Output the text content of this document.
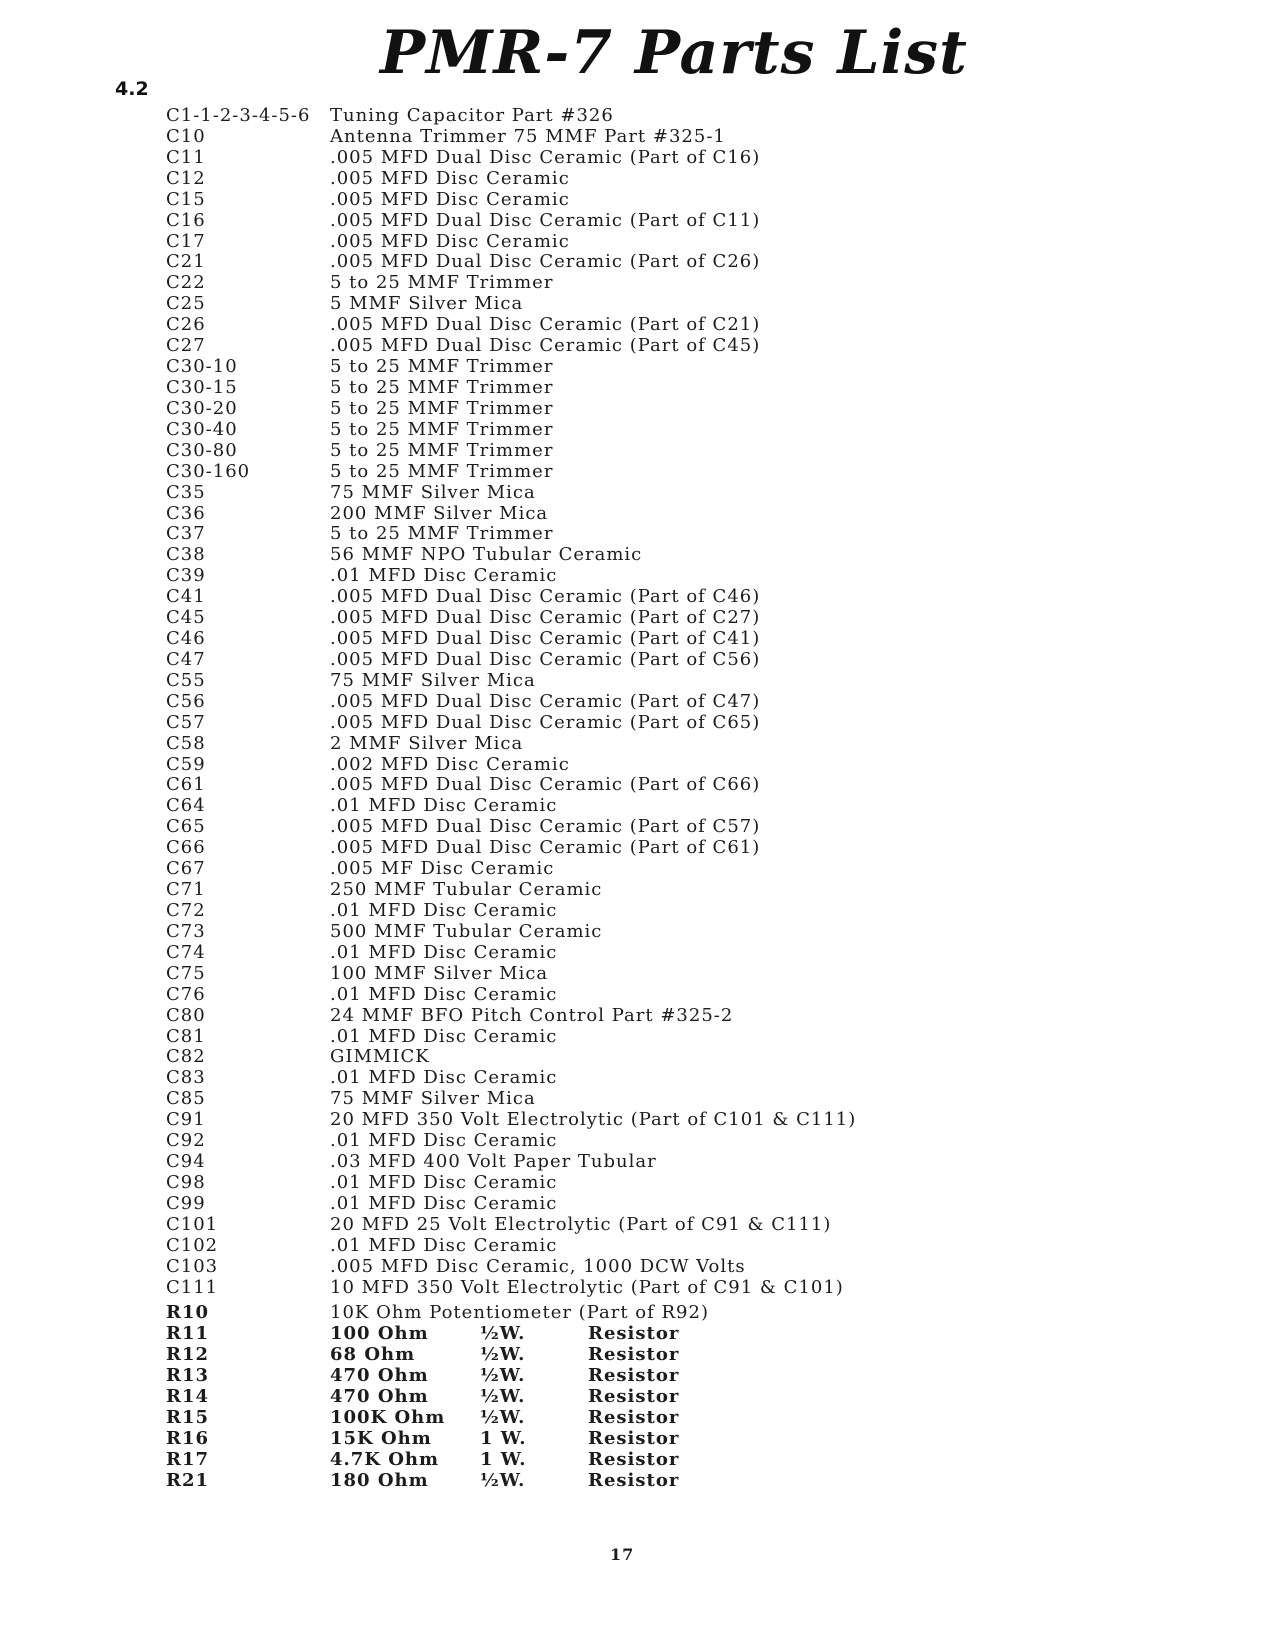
PMR-7 Parts List
4.2
C1-1-2-3-4-5-6 Tuning Capacitor Part #326
C10	Antenna Trimmer 75 MMF Part #325-1
C11	.005 MFD Dual Disc Ceramic (Part of C16)
C12	.005 MFD Disc Ceramic
C15	.005 MFD Disc Ceramic
C16	.005 MFD Dual Disc Ceramic (Part of C11)
C17	.005 MFD Disc Ceramic
C21	.005 MFD Dual Disc Ceramic (Part of C26)
C22	5 to 25 MMF Trimmer
C25	5 MMF Silver Mica
C26	.005 MFD Dual Disc Ceramic (Part of C21)
C27	.005 MFD Dual Disc Ceramic (Part of C45)
C30-10	5 to 25 MMF Trimmer
C30-15	5 to 25 MMF Trimmer
C30-20	5 to 25 MMF Trimmer
C30-40	5 to 25 MMF Trimmer
C30-80	5 to 25 MMF Trimmer
C30-160	5 to 25 MMF Trimmer
C35	75 MMF Silver Mica
C36	200 MMF Silver Mica
C37	5 to 25 MMF Trimmer
C38	56 MMF NPO Tubular Ceramic
C39	.01 MFD Disc Ceramic
C41	.005 MFD Dual Disc Ceramic (Part of C46)
C45	.005 MFD Dual Disc Ceramic (Part of C27)
C46	.005 MFD Dual Disc Ceramic (Part of C41)
C47	.005 MFD Dual Disc Ceramic (Part of C56)
C55	75 MMF Silver Mica
C56	.005 MFD Dual Disc Ceramic (Part of C47)
C57	.005 MFD Dual Disc Ceramic (Part of C65)
C58	2 MMF Silver Mica
C59	.002 MFD Disc Ceramic
C61	.005 MFD Dual Disc Ceramic (Part of C66)
C64	.01 MFD Disc Ceramic
C65	.005 MFD Dual Disc Ceramic (Part of C57)
C66	.005 MFD Dual Disc Ceramic (Part of C61)
C67	.005 MF Disc Ceramic
C71	250 MMF Tubular Ceramic
C72	.01 MFD Disc Ceramic
C73	500 MMF Tubular Ceramic
C74	.01 MFD Disc Ceramic
C75	100 MMF Silver Mica
C76	.01 MFD Disc Ceramic
C80	24 MMF BFO Pitch Control Part #325-2
C81	.01 MFD Disc Ceramic
C82	GIMMICK
C83	.01 MFD Disc Ceramic
C85	75 MMF Silver Mica
C91	20 MFD 350 Volt Electrolytic (Part of C101 & C111)
C92	.01 MFD Disc Ceramic
C94	.03 MFD 400 Volt Paper Tubular
C98	.01 MFD Disc Ceramic
C99	.01 MFD Disc Ceramic
C101	20 MFD 25 Volt Electrolytic (Part of C91 & C111)
C102	.01 MFD Disc Ceramic
C103	.005 MFD Disc Ceramic, 1000 DCW Volts
C111	10 MFD 350 Volt Electrolytic (Part of C91 & C101)
R10	10K Ohm Potentiometer (Part of R92)
R11	100 Ohm	½W.	Resistor
R12	68 Ohm	½W.	Resistor
R13	470 Ohm	½W.	Resistor
R14	470 Ohm	½W.	Resistor
R15	100K Ohm ½W.	Resistor
R16	15K Ohm	1 W.	Resistor
R17	4.7K Ohm 1 W.	Resistor
R21	180 Ohm	½W.	Resistor
17
